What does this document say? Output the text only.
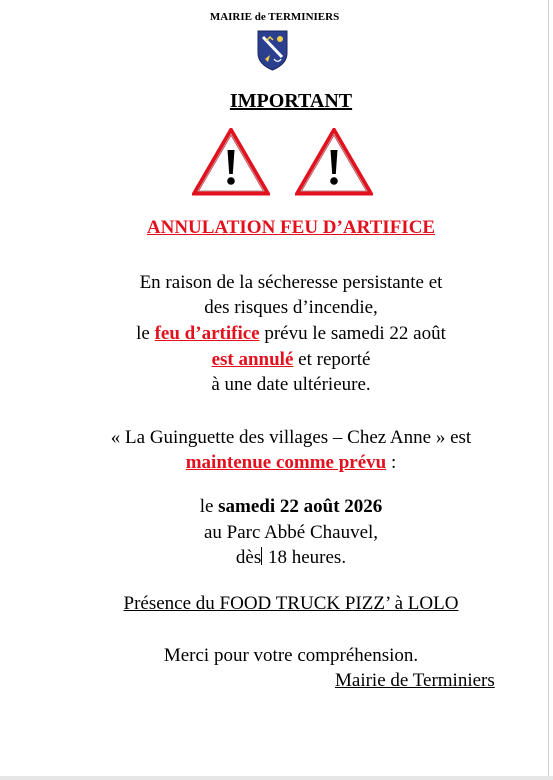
MAIRIE de TERMINIERS
IMPORTANT
ANNULATION FEU D’ARTIFICE
En raison de la sécheresse persistante et
des risques d’incendie,
le feu d’artifice prévu le samedi 22 août
est annulé et reporté
à une date ultérieure.
« La Guinguette des villages – Chez Anne » est
maintenue comme prévu :
le samedi 22 août 2026
au Parc Abbé Chauvel,
dès 18 heures.
Présence du FOOD TRUCK PIZZ’ à LOLO
Merci pour votre compréhension.
Mairie de Terminiers
